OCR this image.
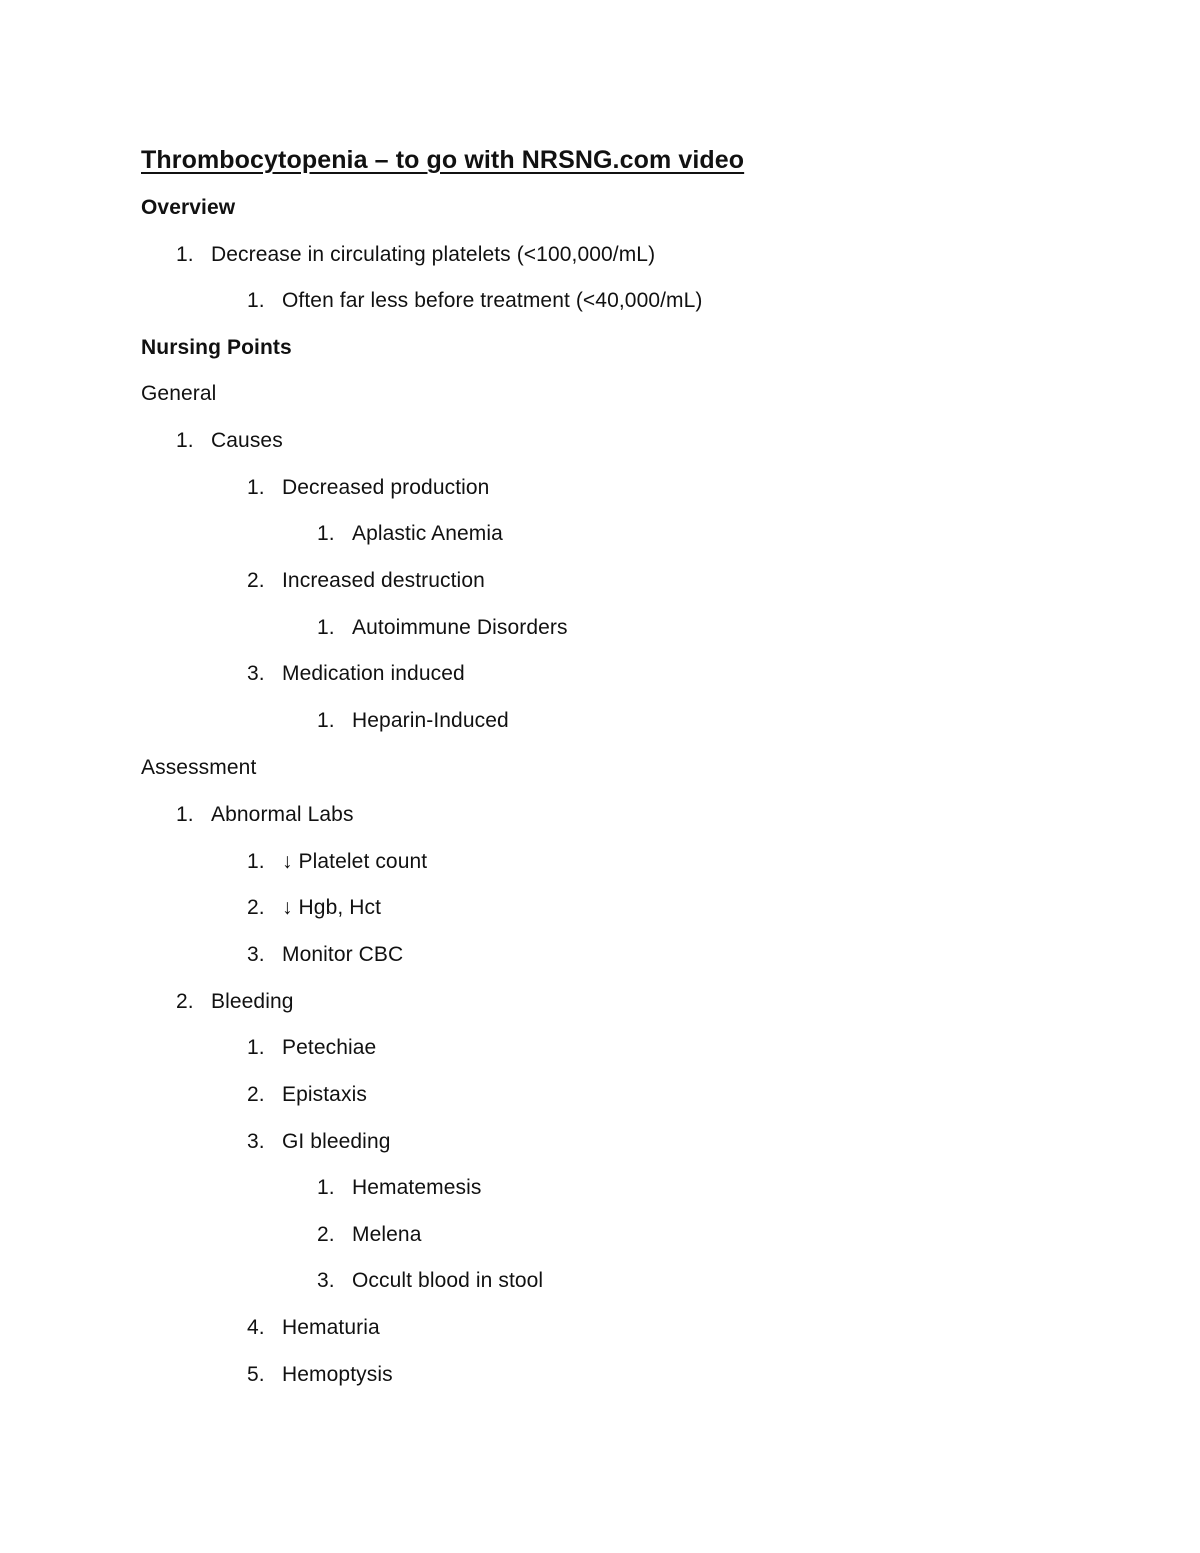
Thrombocytopenia – to go with NRSNG.com video
Overview
1. Decrease in circulating platelets (<100,000/mL)
1. Often far less before treatment (<40,000/mL)
Nursing Points
General
1. Causes
1. Decreased production
1. Aplastic Anemia
2. Increased destruction
1. Autoimmune Disorders
3. Medication induced
1. Heparin-Induced
Assessment
1. Abnormal Labs
1. ↓ Platelet count
2. ↓ Hgb, Hct
3. Monitor CBC
2. Bleeding
1. Petechiae
2. Epistaxis
3. GI bleeding
1. Hematemesis
2. Melena
3. Occult blood in stool
4. Hematuria
5. Hemoptysis
